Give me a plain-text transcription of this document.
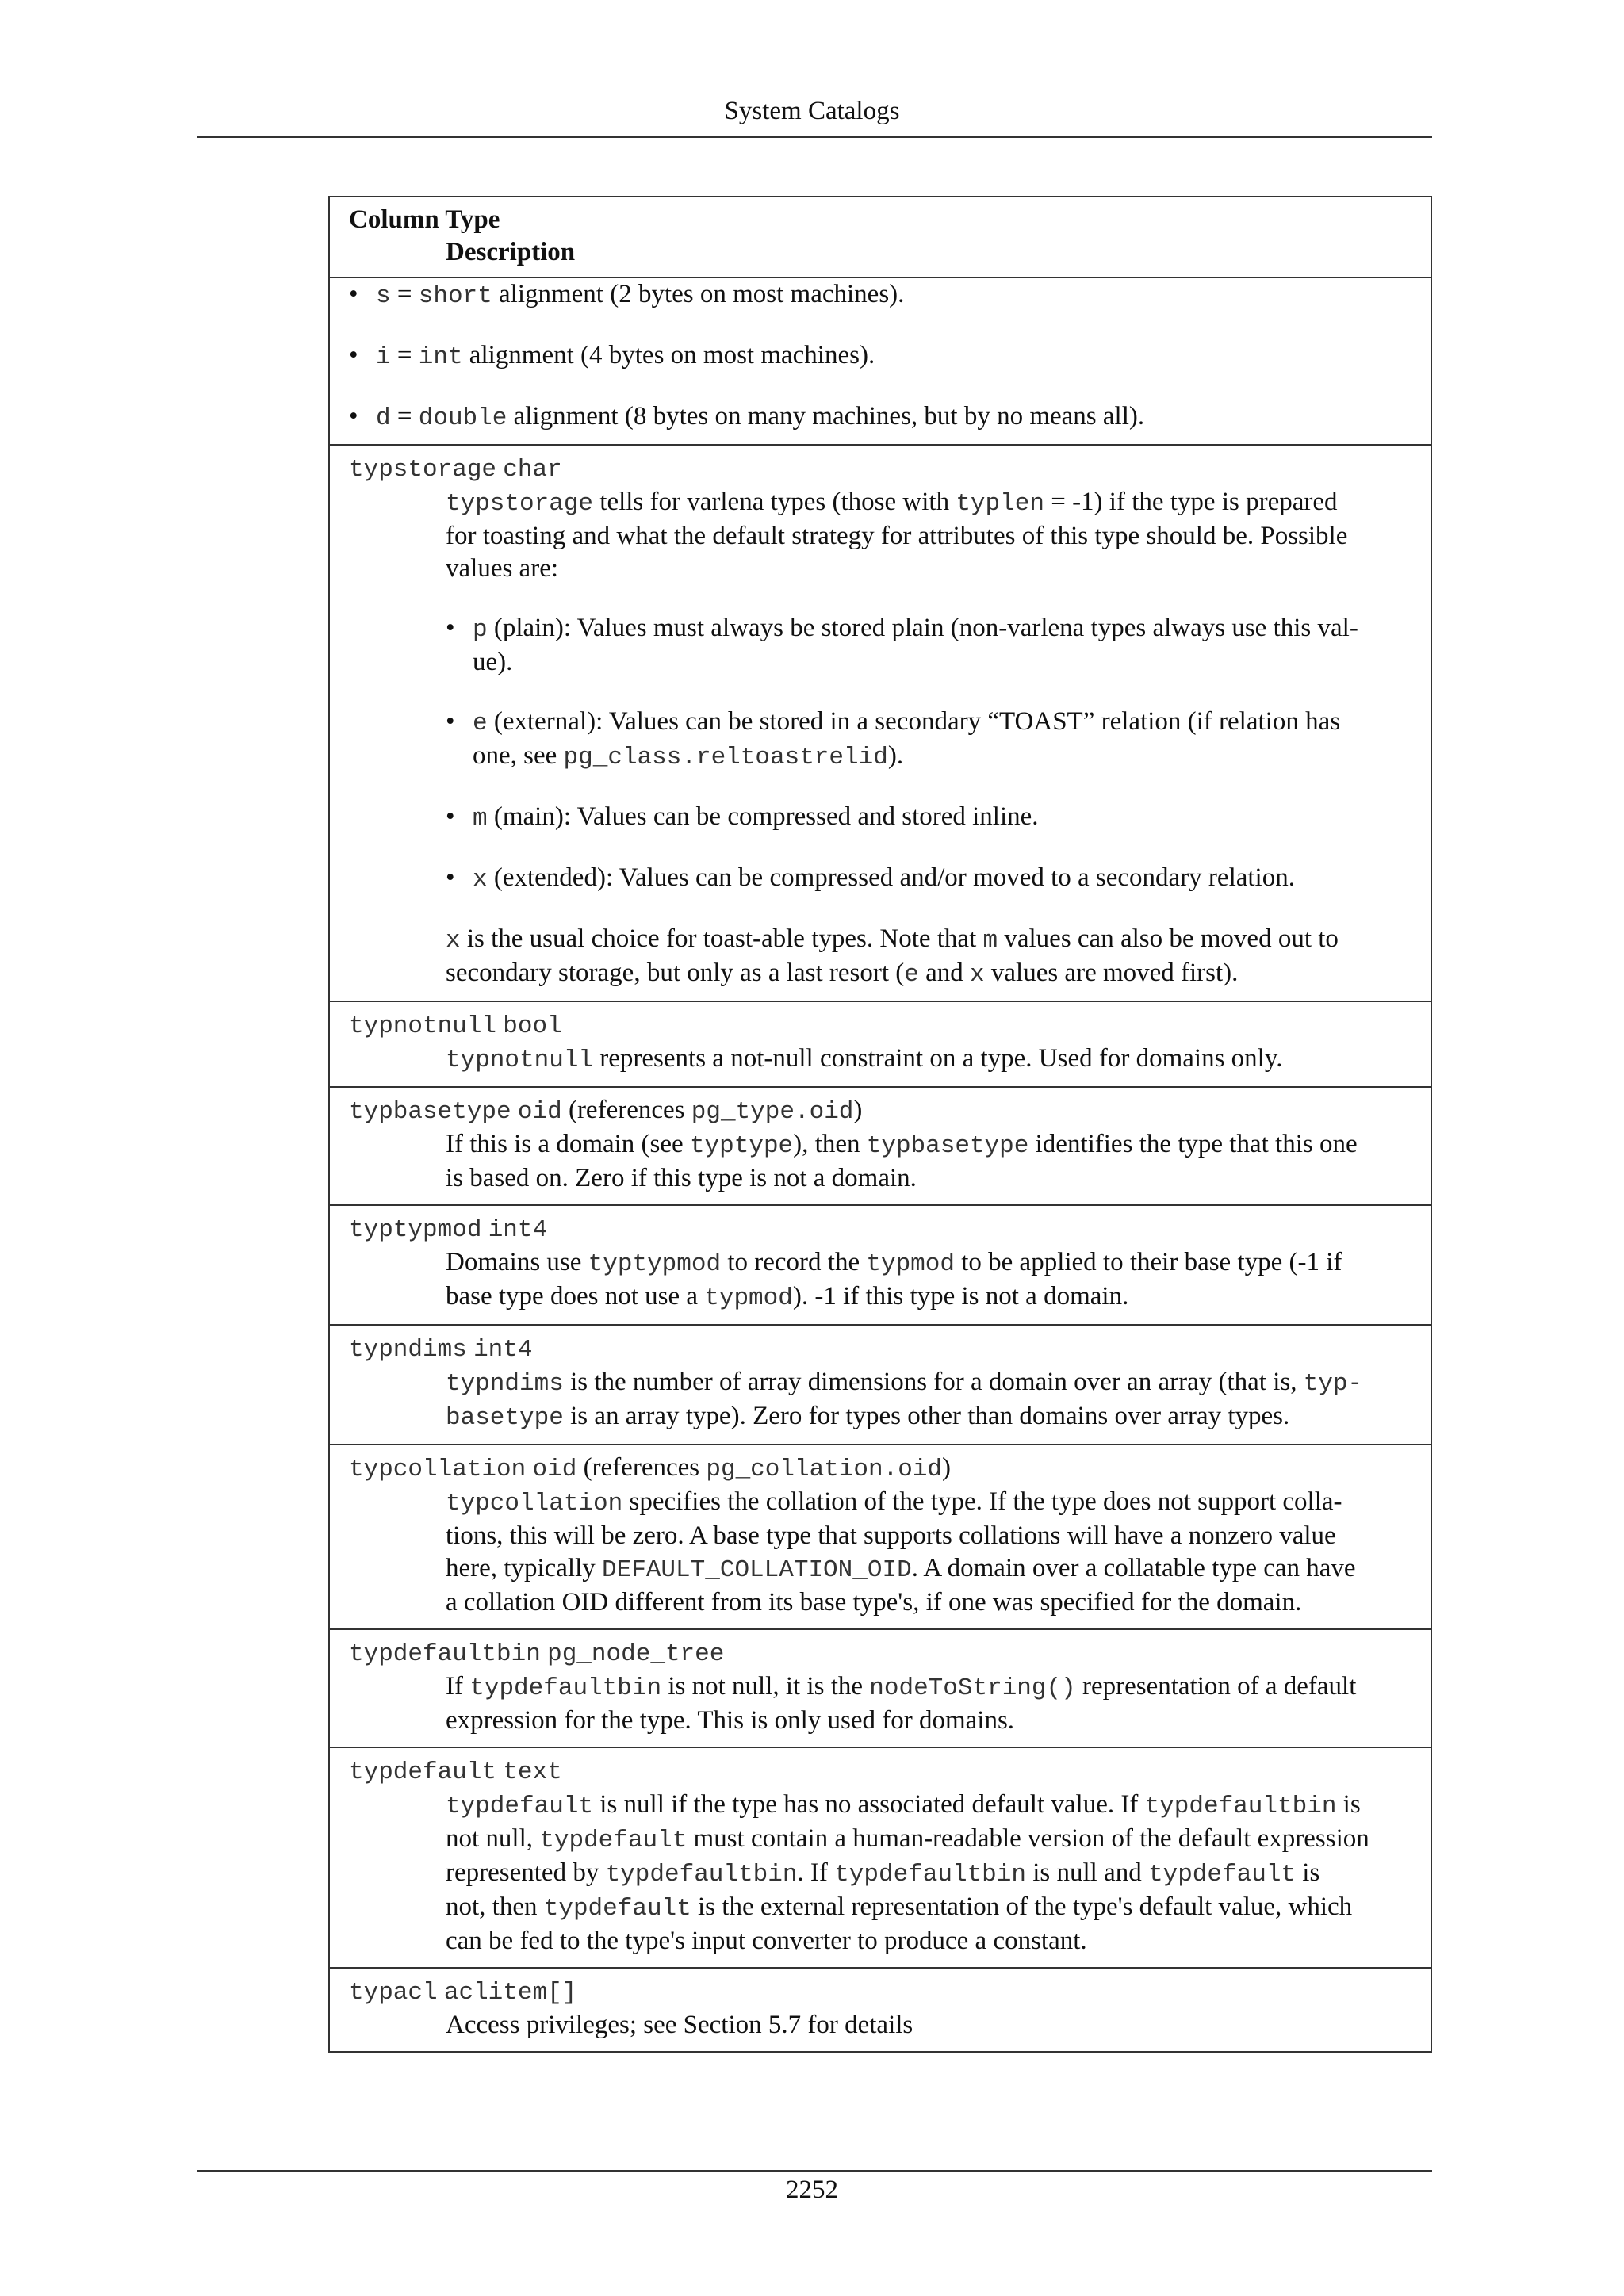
System Catalogs
Column Type
Description
• s = short alignment (2 bytes on most machines).
• i = int alignment (4 bytes on most machines).
• d = double alignment (8 bytes on many machines, but by no means all).
typstorage char
typstorage tells for varlena types (those with typlen = -1) if the type is prepared
for toasting and what the default strategy for attributes of this type should be. Possible
values are:
• p (plain): Values must always be stored plain (non-varlena types always use this val-
ue).
• e (external): Values can be stored in a secondary “TOAST” relation (if relation has
one, see pg_class.reltoastrelid).
• m (main): Values can be compressed and stored inline.
• x (extended): Values can be compressed and/or moved to a secondary relation.
x is the usual choice for toast-able types. Note that m values can also be moved out to
secondary storage, but only as a last resort (e and x values are moved first).
typnotnull bool
typnotnull represents a not-null constraint on a type. Used for domains only.
typbasetype oid (references pg_type.oid)
If this is a domain (see typtype), then typbasetype identifies the type that this one
is based on. Zero if this type is not a domain.
typtypmod int4
Domains use typtypmod to record the typmod to be applied to their base type (-1 if
base type does not use a typmod). -1 if this type is not a domain.
typndims int4
typndims is the number of array dimensions for a domain over an array (that is, typ-
basetype is an array type). Zero for types other than domains over array types.
typcollation oid (references pg_collation.oid)
typcollation specifies the collation of the type. If the type does not support colla-
tions, this will be zero. A base type that supports collations will have a nonzero value
here, typically DEFAULT_COLLATION_OID. A domain over a collatable type can have
a collation OID different from its base type's, if one was specified for the domain.
typdefaultbin pg_node_tree
If typdefaultbin is not null, it is the nodeToString() representation of a default
expression for the type. This is only used for domains.
typdefault text
typdefault is null if the type has no associated default value. If typdefaultbin is
not null, typdefault must contain a human-readable version of the default expression
represented by typdefaultbin. If typdefaultbin is null and typdefault is
not, then typdefault is the external representation of the type's default value, which
can be fed to the type's input converter to produce a constant.
typacl aclitem[]
Access privileges; see Section 5.7 for details
2252
